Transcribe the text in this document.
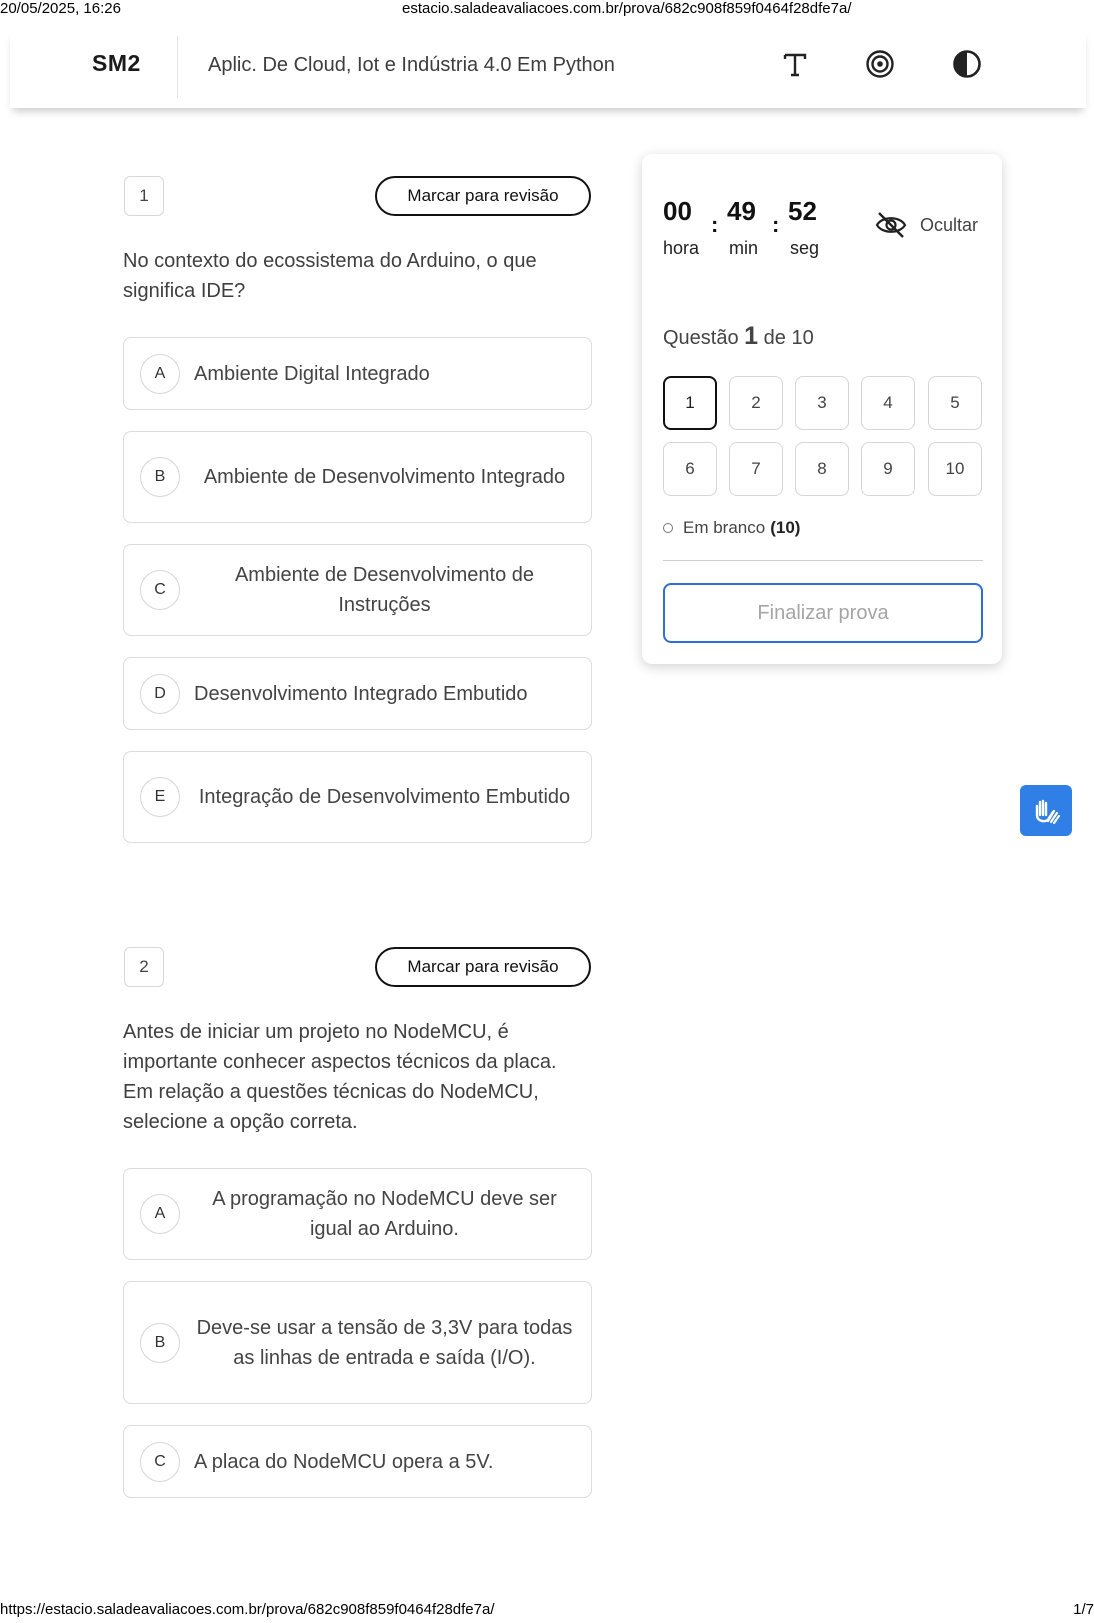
20/05/2025, 16:26	estacio.saladeavaliacoes.com.br/prova/682c908f859f0464f28dfe7a/
SM2	Aplic. De Cloud, Iot e Indústria 4.0 Em Python
1	Marcar para revisão
No contexto do ecossistema do Arduino, o que significa IDE?
A	Ambiente Digital Integrado
B	Ambiente de Desenvolvimento Integrado
C
Ambiente de Desenvolvimento de Instruções
D	Desenvolvimento Integrado Embutido
E	Integração de Desenvolvimento Embutido
2	Marcar para revisão
Antes de iniciar um projeto no NodeMCU, é importante conhecer aspectos técnicos da placa. Em relação a questões técnicas do NodeMCU, selecione a opção correta.
A
A programação no NodeMCU deve ser igual ao Arduino.
B
Deve-se usar a tensão de 3,3V para todas as linhas de entrada e saída (I/O).
C	A placa do NodeMCU opera a 5V.
00
hora
: 49
min
: 52
seg
Ocultar
Questão 1 de 10
1	2	3	4	5
6	7	8	9	10
Em branco (10)
Finalizar prova
https://estacio.saladeavaliacoes.com.br/prova/682c908f859f0464f28dfe7a/	1/7
